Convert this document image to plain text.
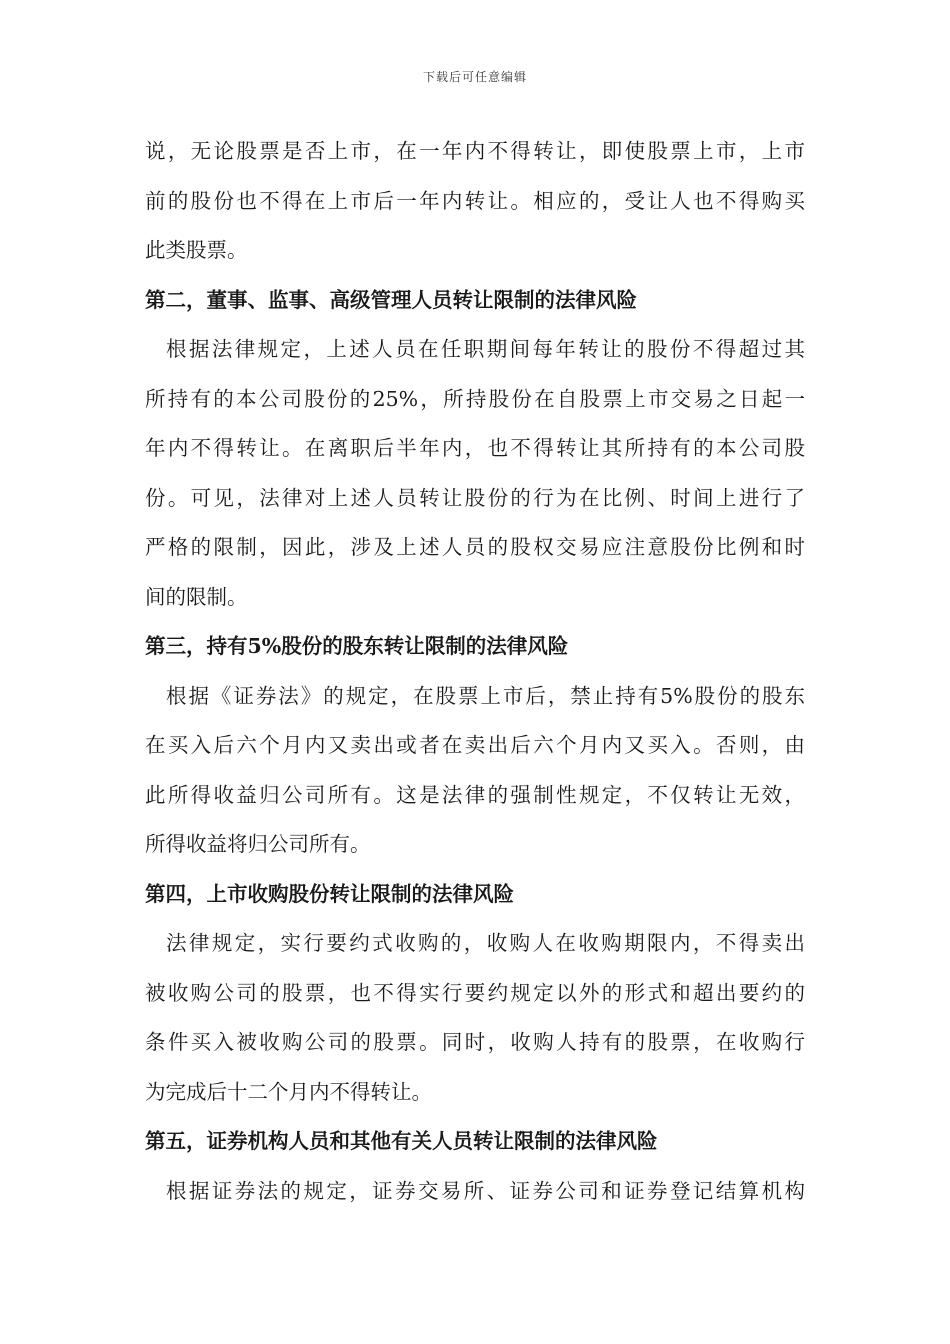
下载后可任意编辑
说，无论股票是否上市，在一年内不得转让，即使股票上市，上市
前的股份也不得在上市后一年内转让。相应的，受让人也不得购买
此类股票。
第二，董事、监事、高级管理人员转让限制的法律风险
根据法律规定，上述人员在任职期间每年转让的股份不得超过其
所持有的本公司股份的25%，所持股份在自股票上市交易之日起一
年内不得转让。在离职后半年内，也不得转让其所持有的本公司股
份。可见，法律对上述人员转让股份的行为在比例、时间上进行了
严格的限制，因此，涉及上述人员的股权交易应注意股份比例和时
间的限制。
第三，持有5%股份的股东转让限制的法律风险
根据《证券法》的规定，在股票上市后，禁止持有5%股份的股东
在买入后六个月内又卖出或者在卖出后六个月内又买入。否则，由
此所得收益归公司所有。这是法律的强制性规定，不仅转让无效，
所得收益将归公司所有。
第四，上市收购股份转让限制的法律风险
法律规定，实行要约式收购的，收购人在收购期限内，不得卖出
被收购公司的股票，也不得实行要约规定以外的形式和超出要约的
条件买入被收购公司的股票。同时，收购人持有的股票，在收购行
为完成后十二个月内不得转让。
第五，证券机构人员和其他有关人员转让限制的法律风险
根据证券法的规定，证券交易所、证券公司和证券登记结算机构
